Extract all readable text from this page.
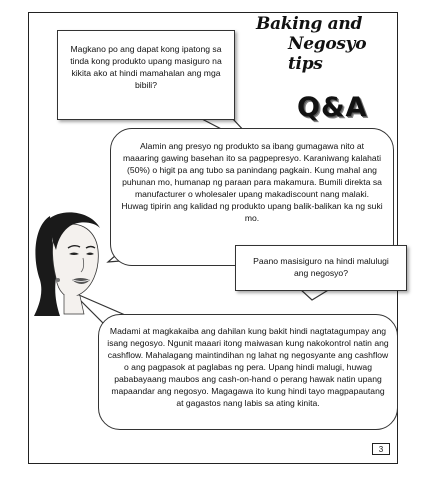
Baking and
Negosyo tips
Q&A
Magkano po ang dapat kong ipatong sa tinda kong produkto upang masiguro na kikita ako at hindi mamahalan ang mga bibili?
Alamin ang presyo ng produkto sa ibang gumagawa nito at maaaring gawing basehan ito sa pagpepresyo. Karaniwang kalahati (50%) o higit pa ang tubo sa panindang pagkain. Kung mahal ang puhunan mo, humanap ng paraan para makamura. Bumili direkta sa manufacturer o wholesaler upang makadiscount nang malaki. Huwag tipirin ang kalidad ng produkto upang balik-balikan ka ng suki mo.
Paano masisiguro na hindi malulugi ang negosyo?
Madami at magkakaiba ang dahilan kung bakit hindi nagtatagumpay ang isang negosyo. Ngunit maaari itong maiwasan kung nakokontrol natin ang cashflow. Mahalagang maintindihan ng lahat ng negosyante ang cashflow o ang pagpasok at paglabas ng pera. Upang hindi malugi, huwag pababayaang maubos ang cash-on-hand o perang hawak natin upang mapaandar ang negosyo. Magagawa ito kung hindi tayo magpapautang at gagastos nang labis sa ating kinita.
3
